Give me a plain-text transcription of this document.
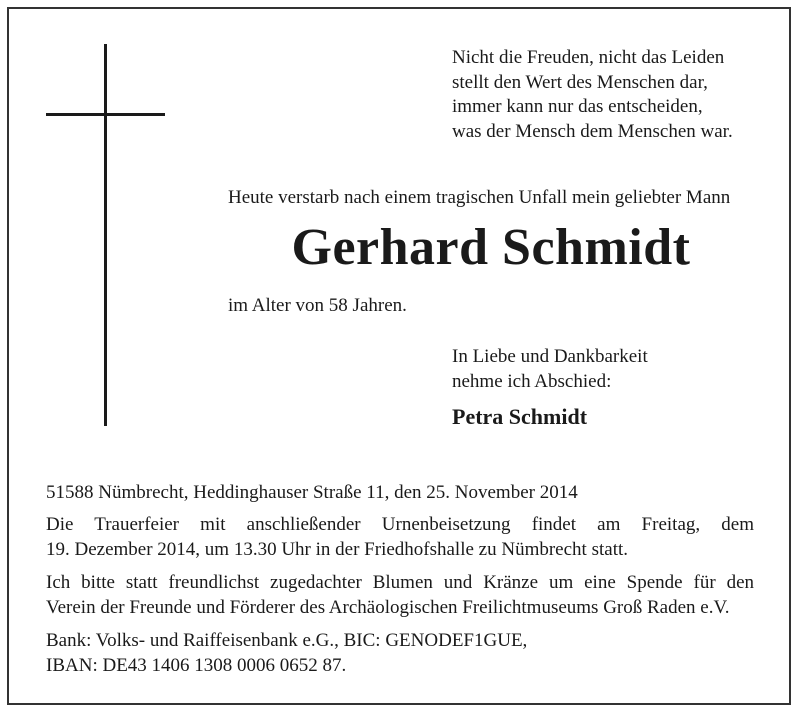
Nicht die Freuden, nicht das Leiden
stellt den Wert des Menschen dar,
immer kann nur das entscheiden,
was der Mensch dem Menschen war.
Heute verstarb nach einem tragischen Unfall mein geliebter Mann
Gerhard Schmidt
im Alter von 58 Jahren.
In Liebe und Dankbarkeit
nehme ich Abschied:
Petra Schmidt
51588 Nümbrecht, Heddinghauser Straße 11, den 25. November 2014
Die Trauerfeier mit anschließender Urnenbeisetzung findet am Freitag, dem
19. Dezember 2014, um 13.30 Uhr in der Friedhofshalle zu Nümbrecht statt.
Ich bitte statt freundlichst zugedachter Blumen und Kränze um eine Spende für den
Verein der Freunde und Förderer des Archäologischen Freilichtmuseums Groß Raden e.V.
Bank: Volks- und Raiffeisenbank e.G., BIC: GENODEF1GUE,
IBAN: DE43 1406 1308 0006 0652 87.
